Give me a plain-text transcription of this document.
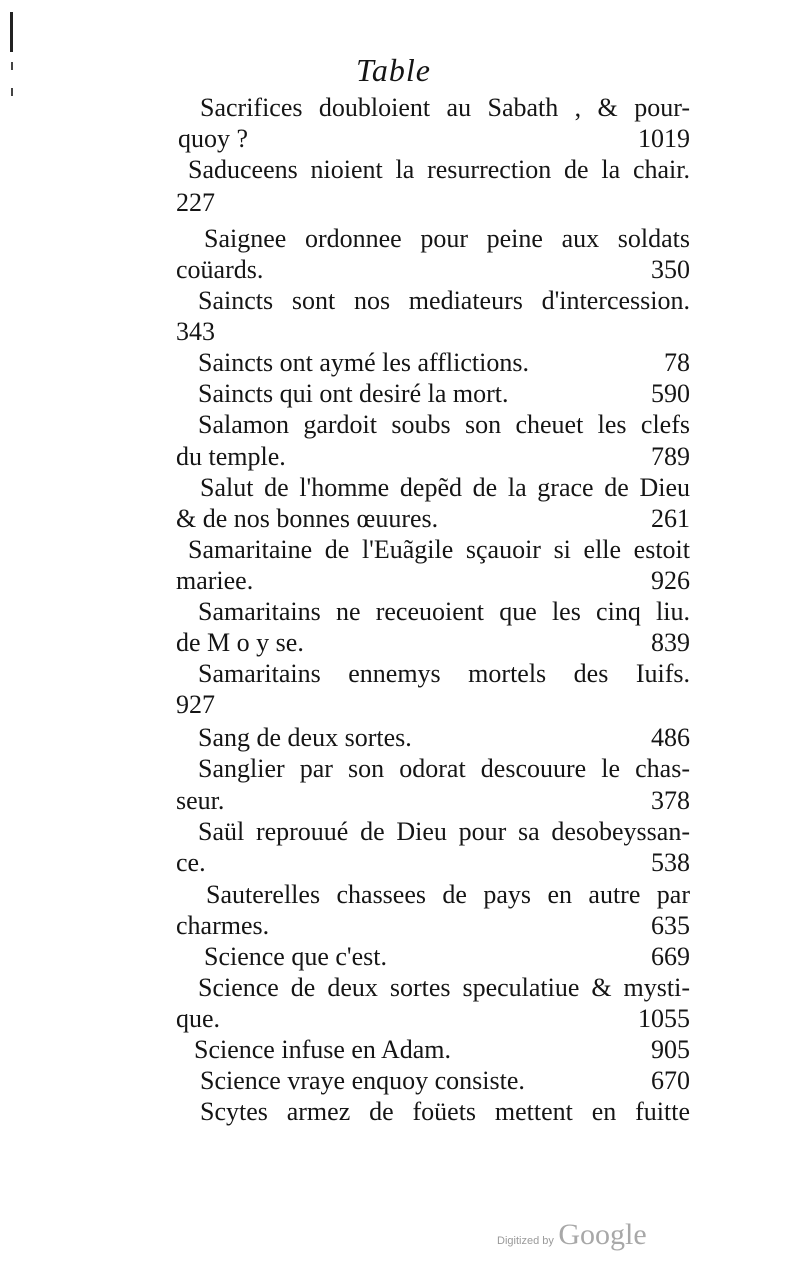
Table
Sacrifices doubloient au Sabath , & pour-
quoy ?	1019
Saduceens nioient la resurrection de la chair.
227
Saignee ordonnee pour peine aux soldats
coüards.	350
Saincts sont nos mediateurs d'intercession.
343
Saincts ont aymé les afflictions.	78
Saincts qui ont desiré la mort.	590
Salamon gardoit soubs son cheuet les clefs
du temple.	789
Salut de l'homme depẽd de la grace de Dieu
& de nos bonnes œuures.	261
Samaritaine de l'Euãgile sçauoir si elle estoit
mariee.	926
Samaritains ne receuoient que les cinq liu.
de M o y se.	839
Samaritains ennemys mortels des Iuifs.
927
Sang de deux sortes.	486
Sanglier par son odorat descouure le chas-
seur.	378
Saül reprouué de Dieu pour sa desobeyssan-
ce.	538
Sauterelles chassees de pays en autre par
charmes.	635
Science que c'est.	669
Science de deux sortes speculatiue & mysti-
que.	1055
Science infuse en Adam.	905
Science vraye enquoy consiste.	670
Scytes armez de foüets mettent en fuitte
Digitized by Google
